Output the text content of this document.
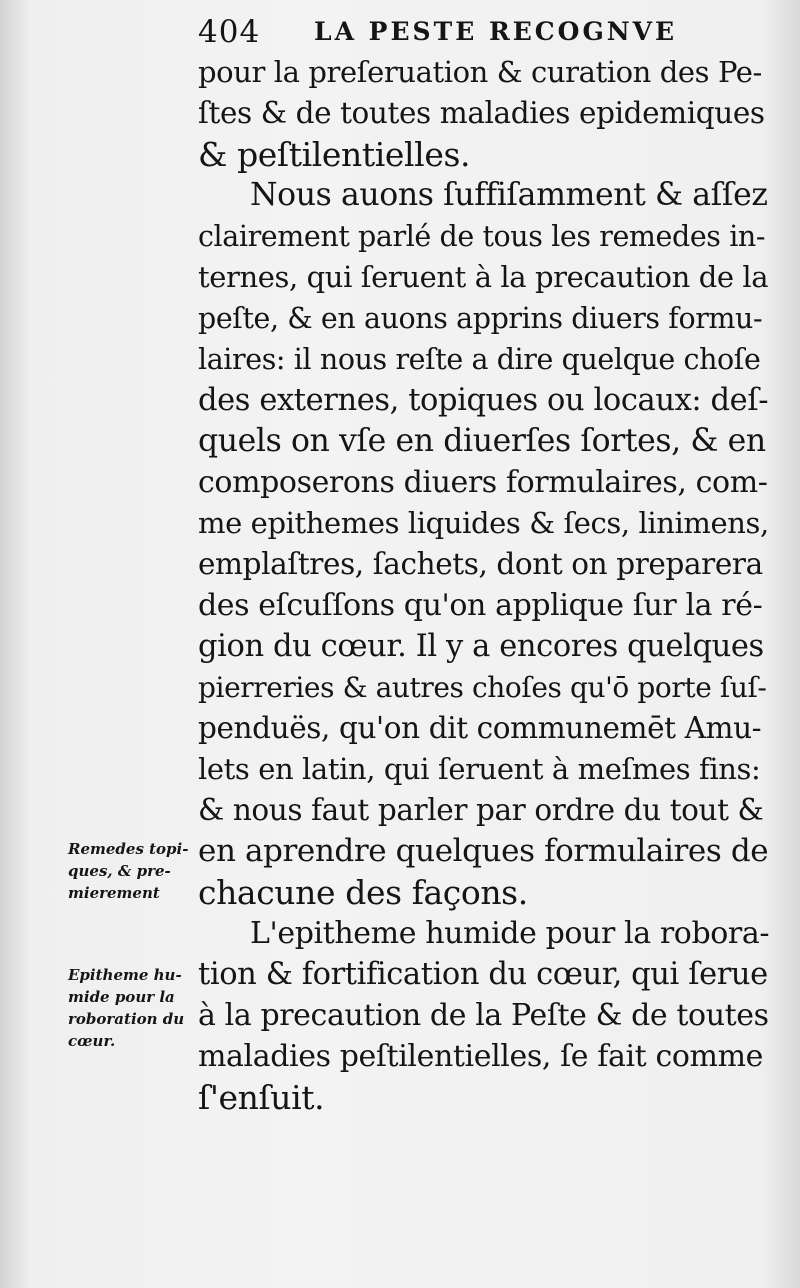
404 LA PESTE RECOGNVE
pour la preſeruation & curation des Pe-
ſtes & de toutes maladies epidemiques
& peſtilentielles.
Nous auons ſuffiſamment & aſſez
clairement parlé de tous les remedes in-
ternes, qui ſeruent à la precaution de la
peſte, & en auons apprins diuers formu-
laires: il nous reſte a dire quelque choſe
des externes, topiques ou locaux: deſ-
quels on vſe en diuerſes ſortes, & en
composerons diuers formulaires, com-
me epithemes liquides & ſecs, linimens,
emplaſtres, ſachets, dont on preparera
des eſcuſſons qu'on applique ſur la ré-
gion du cœur. Il y a encores quelques
pierreries & autres choſes qu'ō porte ſuſ-
penduës, qu'on dit communemēt Amu-
lets en latin, qui ſeruent à meſmes fins:
& nous faut parler par ordre du tout &
en aprendre quelques formulaires de
chacune des façons.
L'epitheme humide pour la robora-
tion & fortification du cœur, qui ſerue
à la precaution de la Peſte & de toutes
maladies peſtilentielles, ſe fait comme
ſ'enſuit.
Remedes topi-
ques, & pre-
mierement
Epitheme hu-
mide pour la
roboration du
cœur.
